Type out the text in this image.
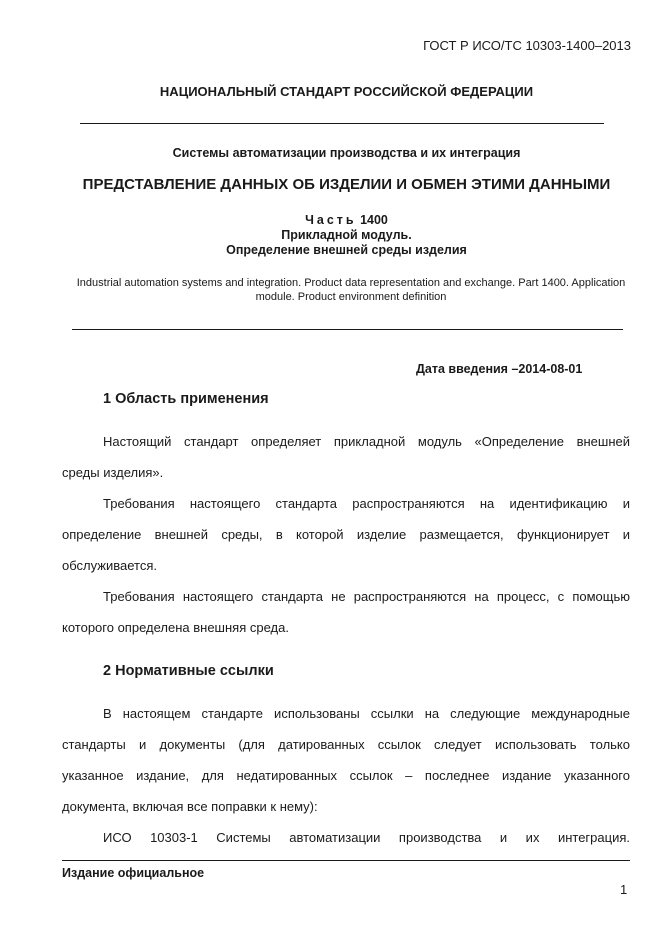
ГОСТ Р ИСО/ТС 10303-1400–2013
НАЦИОНАЛЬНЫЙ СТАНДАРТ РОССИЙСКОЙ ФЕДЕРАЦИИ
Системы автоматизации производства и их интеграция
ПРЕДСТАВЛЕНИЕ ДАННЫХ ОБ ИЗДЕЛИИ И ОБМЕН ЭТИМИ ДАННЫМИ
Часть 1400
Прикладной модуль.
Определение внешней среды изделия
Industrial automation systems and integration. Product data representation and exchange. Part 1400. Application
module. Product environment definition
Дата введения –2014-08-01
1 Область применения
Настоящий стандарт определяет прикладной модуль «Определение внешней
среды изделия».
Требования настоящего стандарта распространяются на идентификацию и
определение внешней среды, в которой изделие размещается, функционирует и
обслуживается.
Требования настоящего стандарта не распространяются на процесс, с помощью
которого определена внешняя среда.
2 Нормативные ссылки
В настоящем стандарте использованы ссылки на следующие международные
стандарты и документы (для датированных ссылок следует использовать только
указанное издание, для недатированных ссылок – последнее издание указанного
документа, включая все поправки к нему):
ИСО 10303-1 Системы автоматизации производства и их интеграция.
Издание официальное
1
